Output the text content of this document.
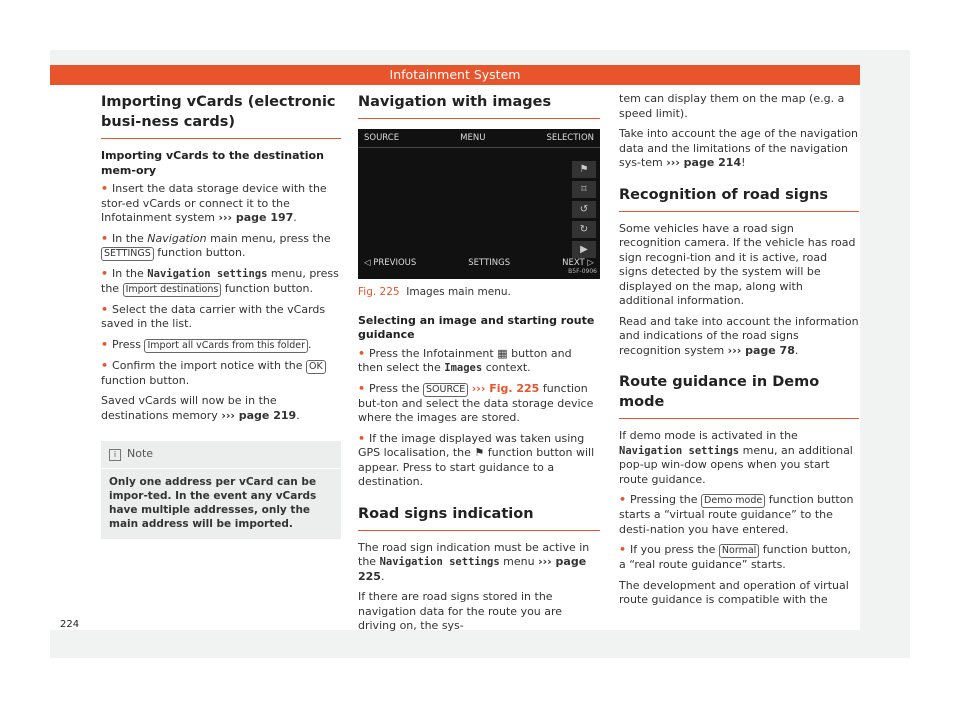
Infotainment System
Importing vCards (electronic busi-ness cards)
Importing vCards to the destination mem-ory

• Insert the data storage device with the stor-ed vCards or connect it to the Infotainment system ››› page 197.

• In the Navigation main menu, press the SETTINGS function button.

• In the Navigation settings menu, press the Import destinations function button.

• Select the data carrier with the vCards saved in the list.

• Press Import all vCards from this folder .

• Confirm the import notice with the OK function button.

Saved vCards will now be in the destinations memory ››› page 219.

i Note
Only one address per vCard can be impor-ted. In the event any vCards have multiple addresses, only the main address will be imported.
Navigation with images
SOURCE	MENU	SELECTION
⚑
⌑
↺
↻
▶
◁ PREVIOUS	SETTINGS	NEXT ▷
B5F-0906
Fig. 225 Images main menu.
Selecting an image and starting route guidance

• Press the Infotainment ▦ button and then select the Images context.

• Press the SOURCE ››› Fig. 225 function but-ton and select the data storage device where the images are stored.

• If the image displayed was taken using GPS localisation, the ⚑ function button will appear. Press to start guidance to a destination.

Road signs indication

The road sign indication must be active in the Navigation settings menu ››› page 225.

If there are road signs stored in the navigation data for the route you are driving on, the sys-

tem can display them on the map (e.g. a speed limit).

Take into account the age of the navigation data and the limitations of the navigation sys-tem ››› page 214!

Recognition of road signs

Some vehicles have a road sign recognition camera. If the vehicle has road sign recogni-tion and it is active, road signs detected by the system will be displayed on the map, along with additional information.

Read and take into account the information and indications of the road signs recognition system ››› page 78.

Route guidance in Demo mode

If demo mode is activated in the Navigation settings menu, an additional pop-up win-dow opens when you start route guidance.

• Pressing the Demo mode function button starts a “virtual route guidance” to the desti-nation you have entered.

• If you press the Normal function button, a “real route guidance” starts.

The development and operation of virtual route guidance is compatible with the

224
